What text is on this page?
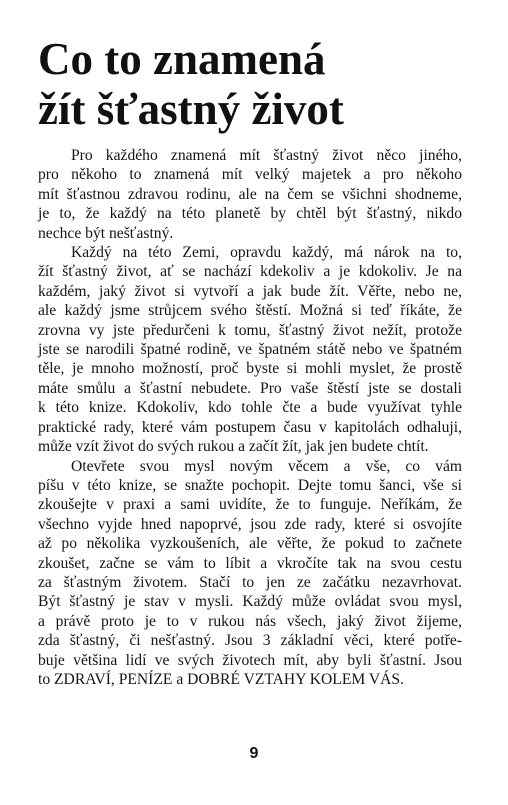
Co to znamená
žít šťastný život
Pro každého znamená mít šťastný život něco jiného,
pro někoho to znamená mít velký majetek a pro někoho
mít šťastnou zdravou rodinu, ale na čem se všichni shodneme,
je to, že každý na této planetě by chtěl být šťastný, nikdo
nechce být nešťastný.
Každý na této Zemi, opravdu každý, má nárok na to,
žít šťastný život, ať se nachází kdekoliv a je kdokoliv. Je na
každém, jaký život si vytvoří a jak bude žít. Věřte, nebo ne,
ale každý jsme strůjcem svého štěstí. Možná si teď říkáte, že
zrovna vy jste předurčeni k tomu, šťastný život nežít, protože
jste se narodili špatné rodině, ve špatném státě nebo ve špatném
těle, je mnoho možností, proč byste si mohli myslet, že prostě
máte smůlu a šťastní nebudete. Pro vaše štěstí jste se dostali
k této knize. Kdokoliv, kdo tohle čte a bude využívat tyhle
praktické rady, které vám postupem času v kapitolách odhaluji,
může vzít život do svých rukou a začít žít, jak jen budete chtít.
Otevřete svou mysl novým věcem a vše, co vám
píšu v této knize, se snažte pochopit. Dejte tomu šanci, vše si
zkoušejte v praxi a sami uvidíte, že to funguje. Neříkám, že
všechno vyjde hned napoprvé, jsou zde rady, které si osvojíte
až po několika vyzkoušeních, ale věřte, že pokud to začnete
zkoušet, začne se vám to líbit a vkročíte tak na svou cestu
za šťastným životem. Stačí to jen ze začátku nezavrhovat.
Být šťastný je stav v mysli. Každý může ovládat svou mysl,
a právě proto je to v rukou nás všech, jaký život žijeme,
zda šťastný, či nešťastný. Jsou 3 základní věci, které potře-
buje většina lidí ve svých životech mít, aby byli šťastní. Jsou
to ZDRAVÍ, PENÍZE a DOBRÉ VZTAHY KOLEM VÁS.
9
